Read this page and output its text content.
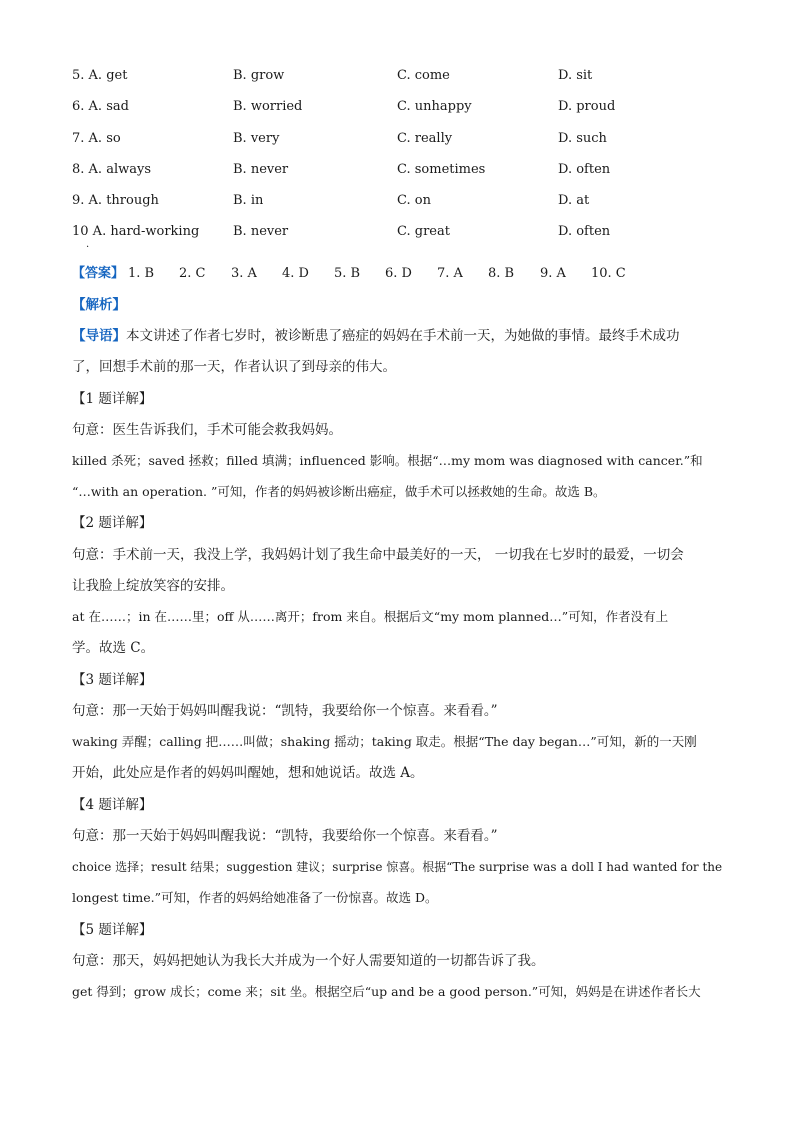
5. A. get	B. grow	C. come	D. sit
6. A. sad	B. worried	C. unhappy	D. proud
7. A. so	B. very	C. really	D. such
8. A. always	B. never	C. sometimes	D. often
9. A. through	B. in	C. on	D. at
10 A. hard-working	B. never	C. great	D. often
.
【答案】 1. B 2. C 3. A 4. D 5. B 6. D 7. A 8. B 9. A 10. C
【解析】
【导语】本文讲述了作者七岁时，被诊断患了癌症的妈妈在手术前一天，为她做的事情。最终手术成功
了，回想手术前的那一天，作者认识了到母亲的伟大。
【1 题详解】
句意：医生告诉我们，手术可能会救我妈妈。
killed 杀死；saved 拯救；filled 填满；influenced 影响。根据“…my mom was diagnosed with cancer.”和
“…with an operation. ”可知，作者的妈妈被诊断出癌症，做手术可以拯救她的生命。故选 B。
【2 题详解】
句意：手术前一天，我没上学，我妈妈计划了我生命中最美好的一天， 一切我在七岁时的最爱，一切会
让我脸上绽放笑容的安排。
at 在……；in 在……里；off 从……离开；from 来自。根据后文“my mom planned…”可知，作者没有上
学。故选 C。
【3 题详解】
句意：那一天始于妈妈叫醒我说：“凯特，我要给你一个惊喜。来看看。”
waking 弄醒；calling 把……叫做；shaking 摇动；taking 取走。根据“The day began…”可知，新的一天刚
开始，此处应是作者的妈妈叫醒她，想和她说话。故选 A。
【4 题详解】
句意：那一天始于妈妈叫醒我说：“凯特，我要给你一个惊喜。来看看。”
choice 选择；result 结果；suggestion 建议；surprise 惊喜。根据“The surprise was a doll I had wanted for the
longest time.”可知，作者的妈妈给她准备了一份惊喜。故选 D。
【5 题详解】
句意：那天，妈妈把她认为我长大并成为一个好人需要知道的一切都告诉了我。
get 得到；grow 成长；come 来；sit 坐。根据空后“up and be a good person.”可知，妈妈是在讲述作者长大
